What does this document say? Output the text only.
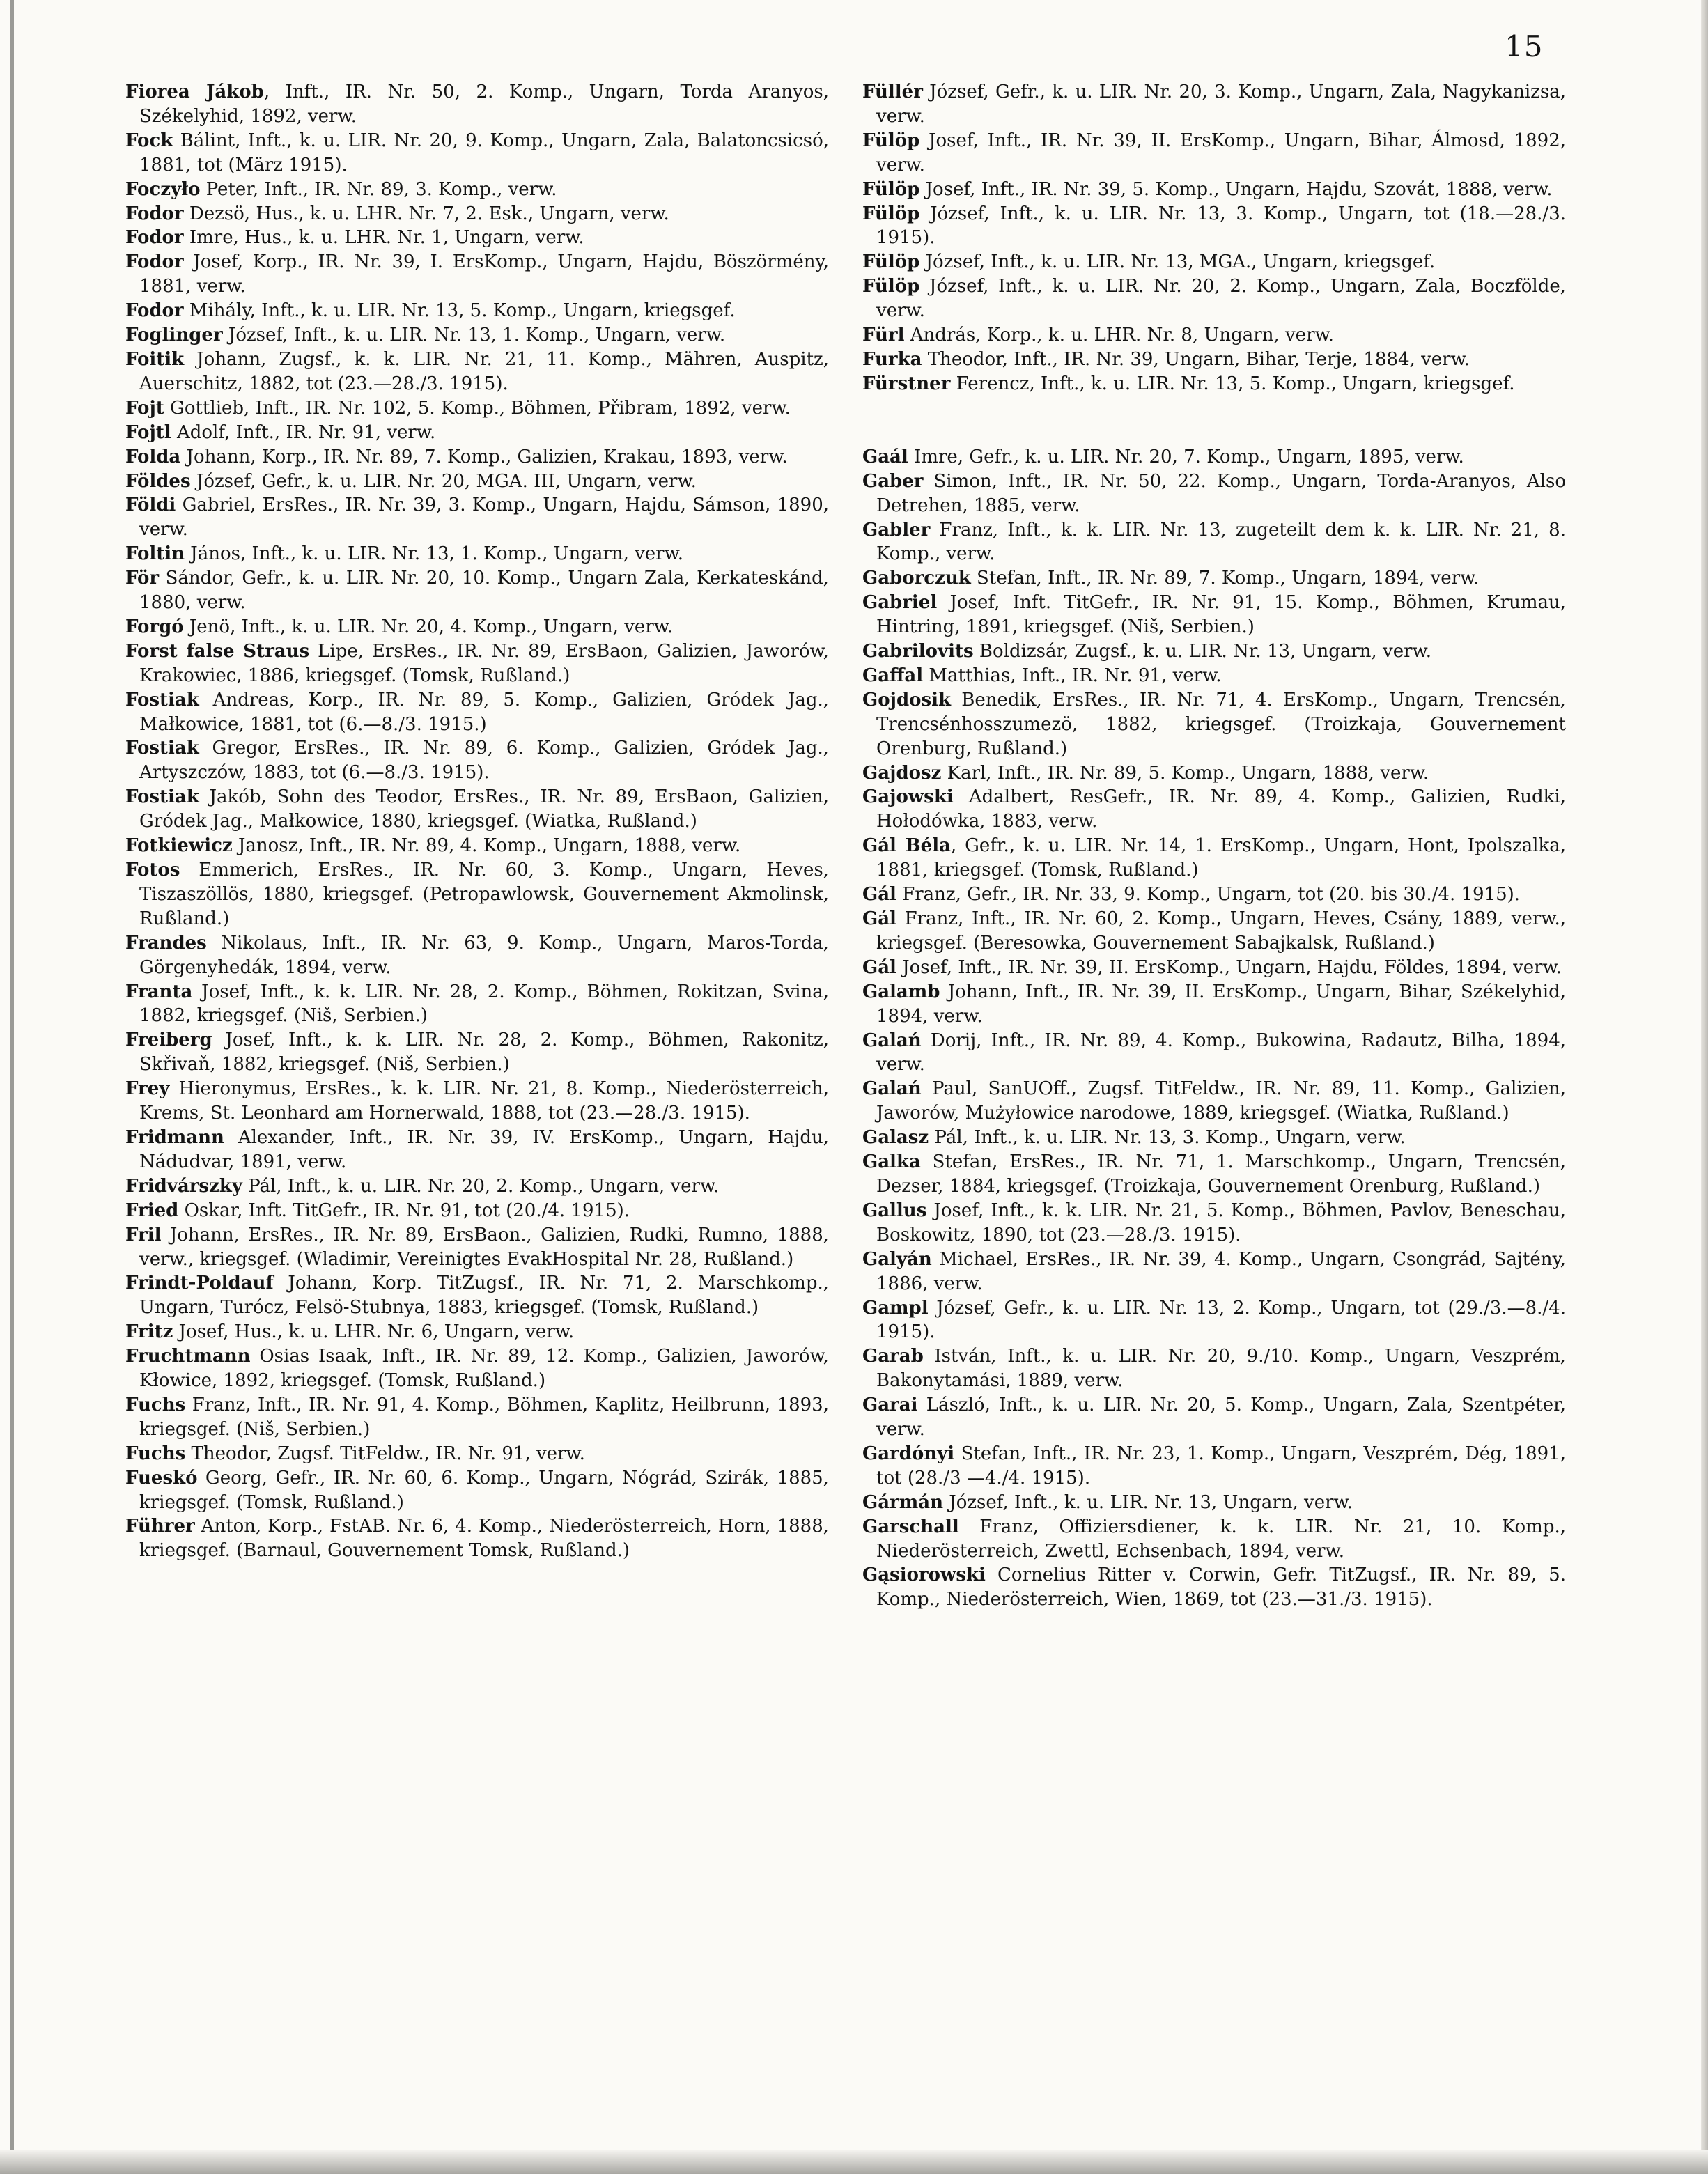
15

Fiorea Jákob, Inft., IR. Nr. 50, 2. Komp., Ungarn, Torda Aranyos, Székelyhid, 1892, verw.

Fock Bálint, Inft., k. u. LIR. Nr. 20, 9. Komp., Ungarn, Zala, Balatoncsicsó, 1881, tot (März 1915).

Foczyło Peter, Inft., IR. Nr. 89, 3. Komp., verw.

Fodor Dezsö, Hus., k. u. LHR. Nr. 7, 2. Esk., Ungarn, verw.

Fodor Imre, Hus., k. u. LHR. Nr. 1, Ungarn, verw.

Fodor Josef, Korp., IR. Nr. 39, I. ErsKomp., Ungarn, Hajdu, Böszörmény, 1881, verw.

Fodor Mihály, Inft., k. u. LIR. Nr. 13, 5. Komp., Ungarn, kriegsgef.

Foglinger József, Inft., k. u. LIR. Nr. 13, 1. Komp., Ungarn, verw.

Foitik Johann, Zugsf., k. k. LIR. Nr. 21, 11. Komp., Mähren, Auspitz, Auerschitz, 1882, tot (23.—28./3. 1915).

Fojt Gottlieb, Inft., IR. Nr. 102, 5. Komp., Böhmen, Přibram, 1892, verw.

Fojtl Adolf, Inft., IR. Nr. 91, verw.

Folda Johann, Korp., IR. Nr. 89, 7. Komp., Galizien, Krakau, 1893, verw.

Földes József, Gefr., k. u. LIR. Nr. 20, MGA. III, Ungarn, verw.

Földi Gabriel, ErsRes., IR. Nr. 39, 3. Komp., Ungarn, Hajdu, Sámson, 1890, verw.

Foltin János, Inft., k. u. LIR. Nr. 13, 1. Komp., Ungarn, verw.

För Sándor, Gefr., k. u. LIR. Nr. 20, 10. Komp., Ungarn Zala, Kerkateskánd, 1880, verw.

Forgó Jenö, Inft., k. u. LIR. Nr. 20, 4. Komp., Ungarn, verw.

Forst false Straus Lipe, ErsRes., IR. Nr. 89, ErsBaon, Galizien, Jaworów, Krakowiec, 1886, kriegsgef. (Tomsk, Rußland.)

Fostiak Andreas, Korp., IR. Nr. 89, 5. Komp., Galizien, Gródek Jag., Małkowice, 1881, tot (6.—8./3. 1915.)

Fostiak Gregor, ErsRes., IR. Nr. 89, 6. Komp., Galizien, Gródek Jag., Artyszczów, 1883, tot (6.—8./3. 1915).

Fostiak Jakób, Sohn des Teodor, ErsRes., IR. Nr. 89, ErsBaon, Galizien, Gródek Jag., Małkowice, 1880, kriegsgef. (Wiatka, Rußland.)

Fotkiewicz Janosz, Inft., IR. Nr. 89, 4. Komp., Ungarn, 1888, verw.

Fotos Emmerich, ErsRes., IR. Nr. 60, 3. Komp., Ungarn, Heves, Tiszaszöllös, 1880, kriegsgef. (Petropawlowsk, Gouvernement Akmolinsk, Rußland.)

Frandes Nikolaus, Inft., IR. Nr. 63, 9. Komp., Ungarn, Maros-Torda, Görgenyhedák, 1894, verw.

Franta Josef, Inft., k. k. LIR. Nr. 28, 2. Komp., Böhmen, Rokitzan, Svina, 1882, kriegsgef. (Niš, Serbien.)

Freiberg Josef, Inft., k. k. LIR. Nr. 28, 2. Komp., Böhmen, Rakonitz, Skřivaň, 1882, kriegsgef. (Niš, Serbien.)

Frey Hieronymus, ErsRes., k. k. LIR. Nr. 21, 8. Komp., Niederösterreich, Krems, St. Leonhard am Hornerwald, 1888, tot (23.—28./3. 1915).

Fridmann Alexander, Inft., IR. Nr. 39, IV. ErsKomp., Ungarn, Hajdu, Nádudvar, 1891, verw.

Fridvárszky Pál, Inft., k. u. LIR. Nr. 20, 2. Komp., Ungarn, verw.

Fried Oskar, Inft. TitGefr., IR. Nr. 91, tot (20./4. 1915).

Fril Johann, ErsRes., IR. Nr. 89, ErsBaon., Galizien, Rudki, Rumno, 1888, verw., kriegsgef. (Wladimir, Vereinigtes EvakHospital Nr. 28, Rußland.)

Frindt-Poldauf Johann, Korp. TitZugsf., IR. Nr. 71, 2. Marschkomp., Ungarn, Turócz, Felsö-Stubnya, 1883, kriegsgef. (Tomsk, Rußland.)

Fritz Josef, Hus., k. u. LHR. Nr. 6, Ungarn, verw.

Fruchtmann Osias Isaak, Inft., IR. Nr. 89, 12. Komp., Galizien, Jaworów, Kłowice, 1892, kriegsgef. (Tomsk, Rußland.)

Fuchs Franz, Inft., IR. Nr. 91, 4. Komp., Böhmen, Kaplitz, Heilbrunn, 1893, kriegsgef. (Niš, Serbien.)

Fuchs Theodor, Zugsf. TitFeldw., IR. Nr. 91, verw.

Fueskó Georg, Gefr., IR. Nr. 60, 6. Komp., Ungarn, Nógrád, Szirák, 1885, kriegsgef. (Tomsk, Rußland.)

Führer Anton, Korp., FstAB. Nr. 6, 4. Komp., Niederösterreich, Horn, 1888, kriegsgef. (Barnaul, Gouvernement Tomsk, Rußland.)

Füllér József, Gefr., k. u. LIR. Nr. 20, 3. Komp., Ungarn, Zala, Nagykanizsa, verw.

Fülöp Josef, Inft., IR. Nr. 39, II. ErsKomp., Ungarn, Bihar, Álmosd, 1892, verw.

Fülöp Josef, Inft., IR. Nr. 39, 5. Komp., Ungarn, Hajdu, Szovát, 1888, verw.

Fülöp József, Inft., k. u. LIR. Nr. 13, 3. Komp., Ungarn, tot (18.—28./3. 1915).

Fülöp József, Inft., k. u. LIR. Nr. 13, MGA., Ungarn, kriegsgef.

Fülöp József, Inft., k. u. LIR. Nr. 20, 2. Komp., Ungarn, Zala, Boczfölde, verw.

Fürl András, Korp., k. u. LHR. Nr. 8, Ungarn, verw.

Furka Theodor, Inft., IR. Nr. 39, Ungarn, Bihar, Terje, 1884, verw.

Fürstner Ferencz, Inft., k. u. LIR. Nr. 13, 5. Komp., Ungarn, kriegsgef.

Gaál Imre, Gefr., k. u. LIR. Nr. 20, 7. Komp., Ungarn, 1895, verw.

Gaber Simon, Inft., IR. Nr. 50, 22. Komp., Ungarn, Torda-Aranyos, Also Detrehen, 1885, verw.

Gabler Franz, Inft., k. k. LIR. Nr. 13, zugeteilt dem k. k. LIR. Nr. 21, 8. Komp., verw.

Gaborczuk Stefan, Inft., IR. Nr. 89, 7. Komp., Ungarn, 1894, verw.

Gabriel Josef, Inft. TitGefr., IR. Nr. 91, 15. Komp., Böhmen, Krumau, Hintring, 1891, kriegsgef. (Niš, Serbien.)

Gabrilovits Boldizsár, Zugsf., k. u. LIR. Nr. 13, Ungarn, verw.

Gaffal Matthias, Inft., IR. Nr. 91, verw.

Gojdosik Benedik, ErsRes., IR. Nr. 71, 4. ErsKomp., Ungarn, Trencsén, Trencsénhosszumezö, 1882, kriegsgef. (Troizkaja, Gouvernement Orenburg, Rußland.)

Gajdosz Karl, Inft., IR. Nr. 89, 5. Komp., Ungarn, 1888, verw.

Gajowski Adalbert, ResGefr., IR. Nr. 89, 4. Komp., Galizien, Rudki, Hołodówka, 1883, verw.

Gál Béla, Gefr., k. u. LIR. Nr. 14, 1. ErsKomp., Ungarn, Hont, Ipolszalka, 1881, kriegsgef. (Tomsk, Rußland.)

Gál Franz, Gefr., IR. Nr. 33, 9. Komp., Ungarn, tot (20. bis 30./4. 1915).

Gál Franz, Inft., IR. Nr. 60, 2. Komp., Ungarn, Heves, Csány, 1889, verw., kriegsgef. (Beresowka, Gouvernement Sabajkalsk, Rußland.)

Gál Josef, Inft., IR. Nr. 39, II. ErsKomp., Ungarn, Hajdu, Földes, 1894, verw.

Galamb Johann, Inft., IR. Nr. 39, II. ErsKomp., Ungarn, Bihar, Székelyhid, 1894, verw.

Galań Dorij, Inft., IR. Nr. 89, 4. Komp., Bukowina, Radautz, Bilha, 1894, verw.

Galań Paul, SanUOff., Zugsf. TitFeldw., IR. Nr. 89, 11. Komp., Galizien, Jaworów, Mużyłowice narodowe, 1889, kriegsgef. (Wiatka, Rußland.)

Galasz Pál, Inft., k. u. LIR. Nr. 13, 3. Komp., Ungarn, verw.

Galka Stefan, ErsRes., IR. Nr. 71, 1. Marschkomp., Ungarn, Trencsén, Dezser, 1884, kriegsgef. (Troizkaja, Gouvernement Orenburg, Rußland.)

Gallus Josef, Inft., k. k. LIR. Nr. 21, 5. Komp., Böhmen, Pavlov, Beneschau, Boskowitz, 1890, tot (23.—28./3. 1915).

Galyán Michael, ErsRes., IR. Nr. 39, 4. Komp., Ungarn, Csongrád, Sajtény, 1886, verw.

Gampl József, Gefr., k. u. LIR. Nr. 13, 2. Komp., Ungarn, tot (29./3.—8./4. 1915).

Garab István, Inft., k. u. LIR. Nr. 20, 9./10. Komp., Ungarn, Veszprém, Bakonytamási, 1889, verw.

Garai László, Inft., k. u. LIR. Nr. 20, 5. Komp., Ungarn, Zala, Szentpéter, verw.

Gardónyi Stefan, Inft., IR. Nr. 23, 1. Komp., Ungarn, Veszprém, Dég, 1891, tot (28./3 —4./4. 1915).

Gármán József, Inft., k. u. LIR. Nr. 13, Ungarn, verw.

Garschall Franz, Offiziersdiener, k. k. LIR. Nr. 21, 10. Komp., Niederösterreich, Zwettl, Echsenbach, 1894, verw.

Gąsiorowski Cornelius Ritter v. Corwin, Gefr. TitZugsf., IR. Nr. 89, 5. Komp., Niederösterreich, Wien, 1869, tot (23.—31./3. 1915).
